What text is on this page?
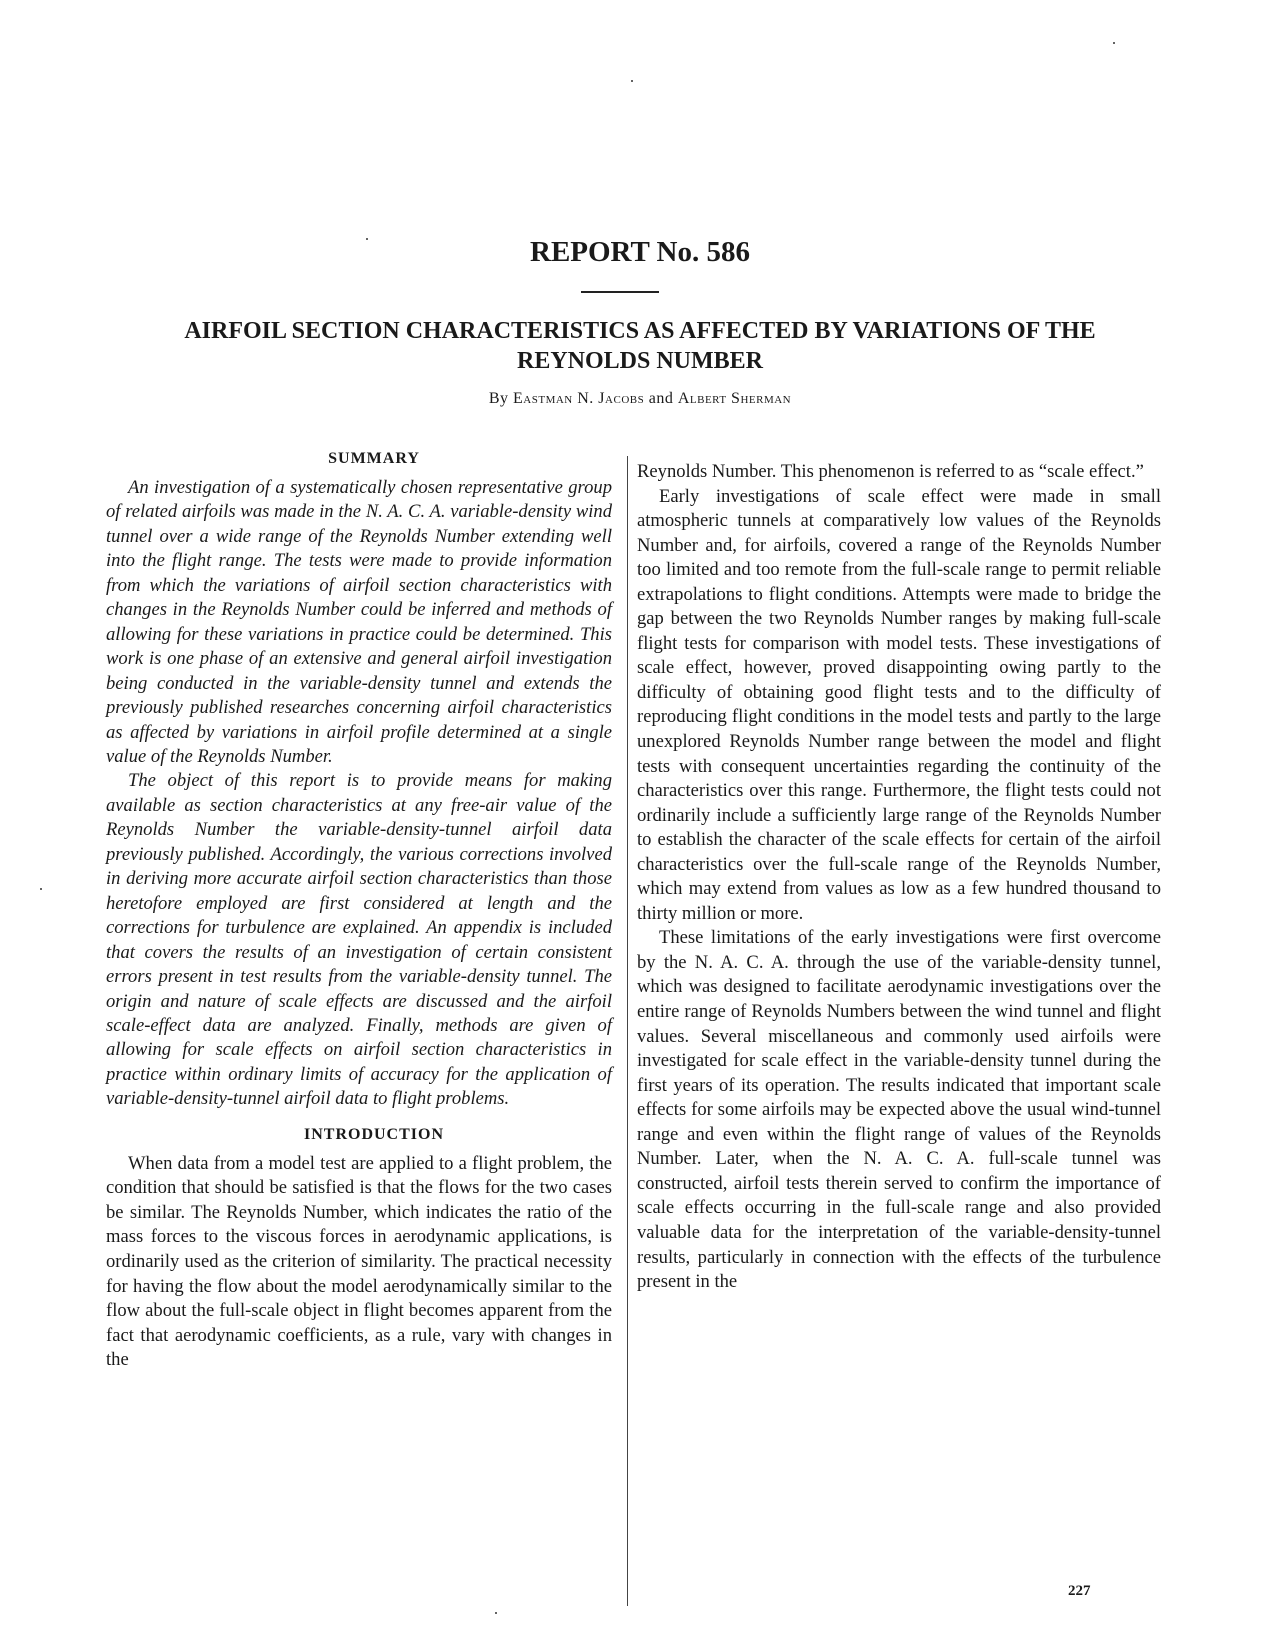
REPORT No. 586
AIRFOIL SECTION CHARACTERISTICS AS AFFECTED BY VARIATIONS OF THE
REYNOLDS NUMBER
By Eastman N. Jacobs and Albert Sherman
SUMMARY

An investigation of a systematically chosen representative group of related airfoils was made in the N. A. C. A. variable-density wind tunnel over a wide range of the Reynolds Number extending well into the flight range. The tests were made to provide information from which the variations of airfoil section characteristics with changes in the Reynolds Number could be inferred and methods of allowing for these variations in practice could be determined. This work is one phase of an extensive and general airfoil investigation being conducted in the variable-density tunnel and extends the previously published researches concerning airfoil characteristics as affected by variations in airfoil profile determined at a single value of the Reynolds Number.

The object of this report is to provide means for making available as section characteristics at any free-air value of the Reynolds Number the variable-density-tunnel airfoil data previously published. Accordingly, the various corrections involved in deriving more accurate airfoil section characteristics than those heretofore employed are first considered at length and the corrections for turbulence are explained. An appendix is included that covers the results of an investigation of certain consistent errors present in test results from the variable-density tunnel. The origin and nature of scale effects are discussed and the airfoil scale-effect data are analyzed. Finally, methods are given of allowing for scale effects on airfoil section characteristics in practice within ordinary limits of accuracy for the application of variable-density-tunnel airfoil data to flight problems.

INTRODUCTION

When data from a model test are applied to a flight problem, the condition that should be satisfied is that the flows for the two cases be similar. The Reynolds Number, which indicates the ratio of the mass forces to the viscous forces in aerodynamic applications, is ordinarily used as the criterion of similarity. The practical necessity for having the flow about the model aerodynamically similar to the flow about the full-scale object in flight becomes apparent from the fact that aerodynamic coefficients, as a rule, vary with changes in the

Reynolds Number. This phenomenon is referred to as “scale effect.”

Early investigations of scale effect were made in small atmospheric tunnels at comparatively low values of the Reynolds Number and, for airfoils, covered a range of the Reynolds Number too limited and too remote from the full-scale range to permit reliable extrapolations to flight conditions. Attempts were made to bridge the gap between the two Reynolds Number ranges by making full-scale flight tests for comparison with model tests. These investigations of scale effect, however, proved disappointing owing partly to the difficulty of obtaining good flight tests and to the difficulty of reproducing flight conditions in the model tests and partly to the large unexplored Reynolds Number range between the model and flight tests with consequent uncertainties regarding the continuity of the characteristics over this range. Furthermore, the flight tests could not ordinarily include a sufficiently large range of the Reynolds Number to establish the character of the scale effects for certain of the airfoil characteristics over the full-scale range of the Reynolds Number, which may extend from values as low as a few hundred thousand to thirty million or more.

These limitations of the early investigations were first overcome by the N. A. C. A. through the use of the variable-density tunnel, which was designed to facilitate aerodynamic investigations over the entire range of Reynolds Numbers between the wind tunnel and flight values. Several miscellaneous and commonly used airfoils were investigated for scale effect in the variable-density tunnel during the first years of its operation. The results indicated that important scale effects for some airfoils may be expected above the usual wind-tunnel range and even within the flight range of values of the Reynolds Number. Later, when the N. A. C. A. full-scale tunnel was constructed, airfoil tests therein served to confirm the importance of scale effects occurring in the full-scale range and also provided valuable data for the interpretation of the variable-density-tunnel results, particularly in connection with the effects of the turbulence present in the

227
